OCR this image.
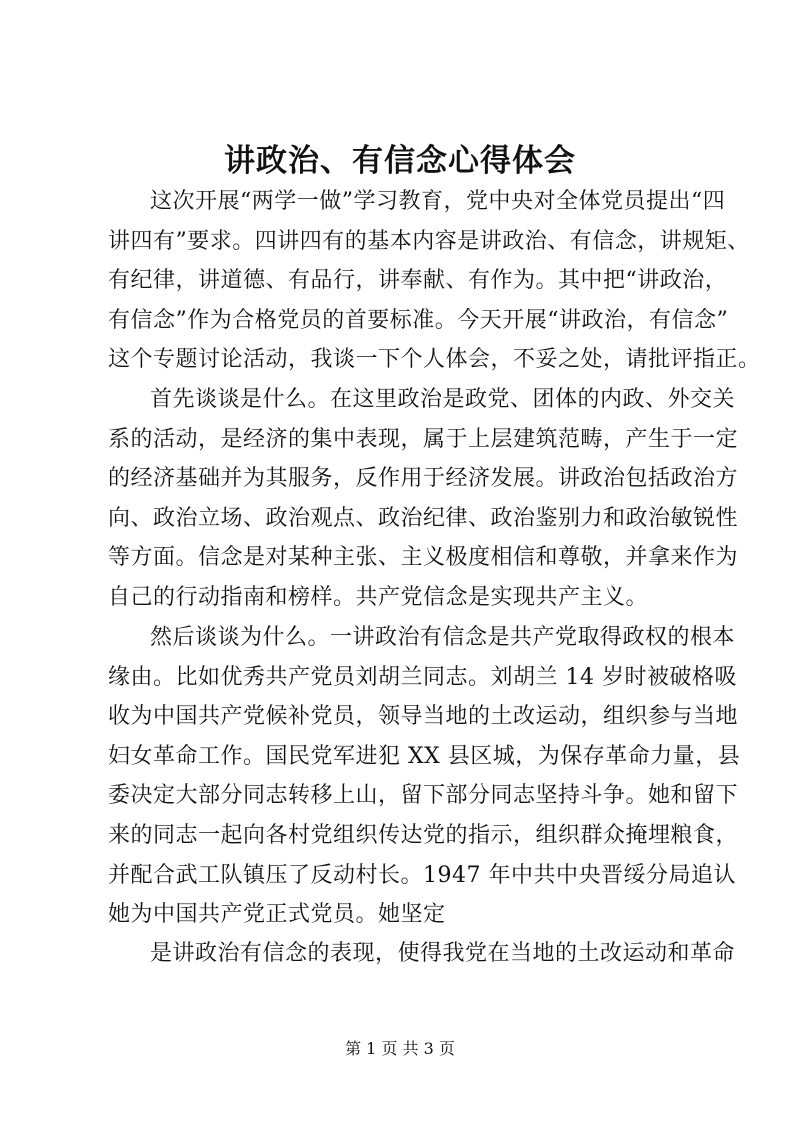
讲政治、有信念心得体会

这次开展“两学一做”学习教育，党中央对全体党员提出“四
讲四有”要求。四讲四有的基本内容是讲政治、有信念，讲规矩、
有纪律，讲道德、有品行，讲奉献、有作为。其中把“讲政治，
有信念”作为合格党员的首要标准。今天开展“讲政治，有信念”
这个专题讨论活动，我谈一下个人体会，不妥之处，请批评指正。

首先谈谈是什么。在这里政治是政党、团体的内政、外交关
系的活动，是经济的集中表现，属于上层建筑范畴，产生于一定
的经济基础并为其服务，反作用于经济发展。讲政治包括政治方
向、政治立场、政治观点、政治纪律、政治鉴别力和政治敏锐性
等方面。信念是对某种主张、主义极度相信和尊敬，并拿来作为
自己的行动指南和榜样。共产党信念是实现共产主义。

然后谈谈为什么。一讲政治有信念是共产党取得政权的根本
缘由。比如优秀共产党员刘胡兰同志。刘胡兰 14 岁时被破格吸
收为中国共产党候补党员，领导当地的土改运动，组织参与当地
妇女革命工作。国民党军进犯 XX 县区城，为保存革命力量，县
委决定大部分同志转移上山，留下部分同志坚持斗争。她和留下
来的同志一起向各村党组织传达党的指示，组织群众掩埋粮食，
并配合武工队镇压了反动村长。1947 年中共中央晋绥分局追认
她为中国共产党正式党员。她坚定

是讲政治有信念的表现，使得我党在当地的土改运动和革命

第 1 页 共 3 页
